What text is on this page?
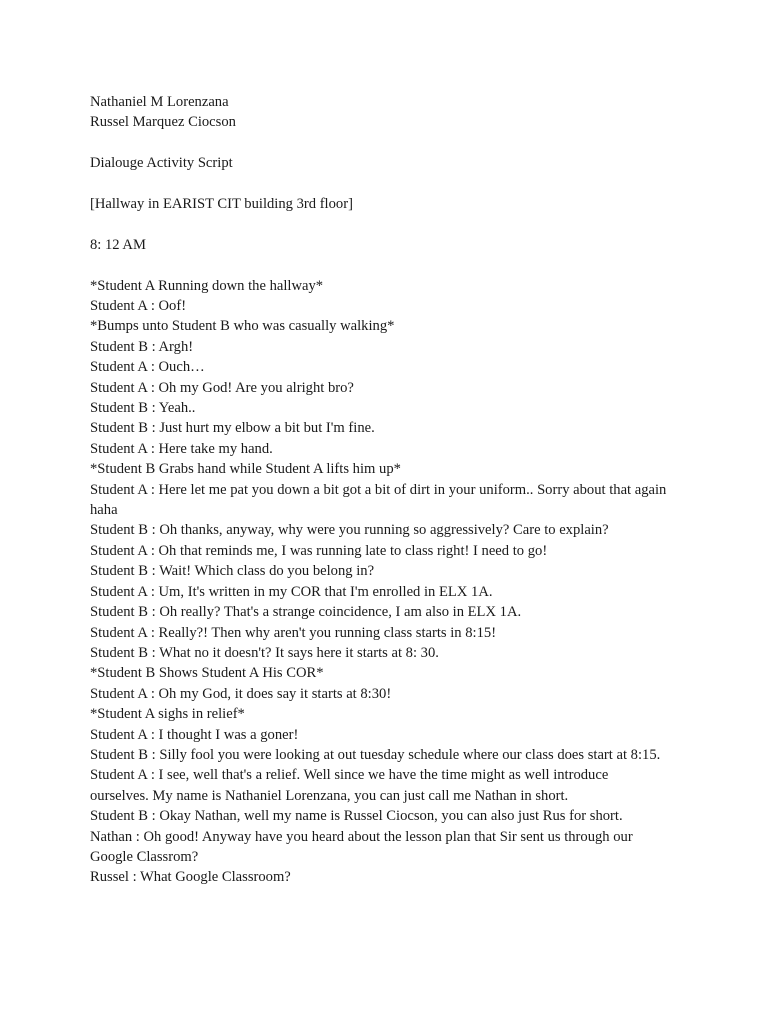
Nathaniel M Lorenzana

Russel Marquez Ciocson

Dialouge Activity Script

[Hallway in EARIST CIT building 3rd floor]

8: 12 AM

*Student A Running down the hallway*

Student A : Oof!

*Bumps unto Student B who was casually walking*

Student B : Argh!

Student A : Ouch…

Student A : Oh my God! Are you alright bro?

Student B : Yeah..

Student B : Just hurt my elbow a bit but I'm fine.

Student A : Here take my hand.

*Student B Grabs hand while Student A lifts him up*

Student A : Here let me pat you down a bit got a bit of dirt in your uniform.. Sorry about that again haha

Student B : Oh thanks, anyway, why were you running so aggressively? Care to explain?

Student A : Oh that reminds me, I was running late to class right! I need to go!

Student B : Wait! Which class do you belong in?

Student A : Um, It's written in my COR that I'm enrolled in ELX 1A.

Student B : Oh really? That's a strange coincidence, I am also in ELX 1A.

Student A : Really?! Then why aren't you running class starts in 8:15!

Student B : What no it doesn't? It says here it starts at 8: 30.

*Student B Shows Student A His COR*

Student A : Oh my God, it does say it starts at 8:30!

*Student A sighs in relief*

Student A : I thought I was a goner!

Student B : Silly fool you were looking at out tuesday schedule where our class does start at 8:15.

Student A : I see, well that's a relief. Well since we have the time might as well introduce ourselves. My name is Nathaniel Lorenzana, you can just call me Nathan in short.

Student B : Okay Nathan, well my name is Russel Ciocson, you can also just Rus for short.

Nathan : Oh good! Anyway have you heard about the lesson plan that Sir sent us through our Google Classrom?

Russel : What Google Classroom?
